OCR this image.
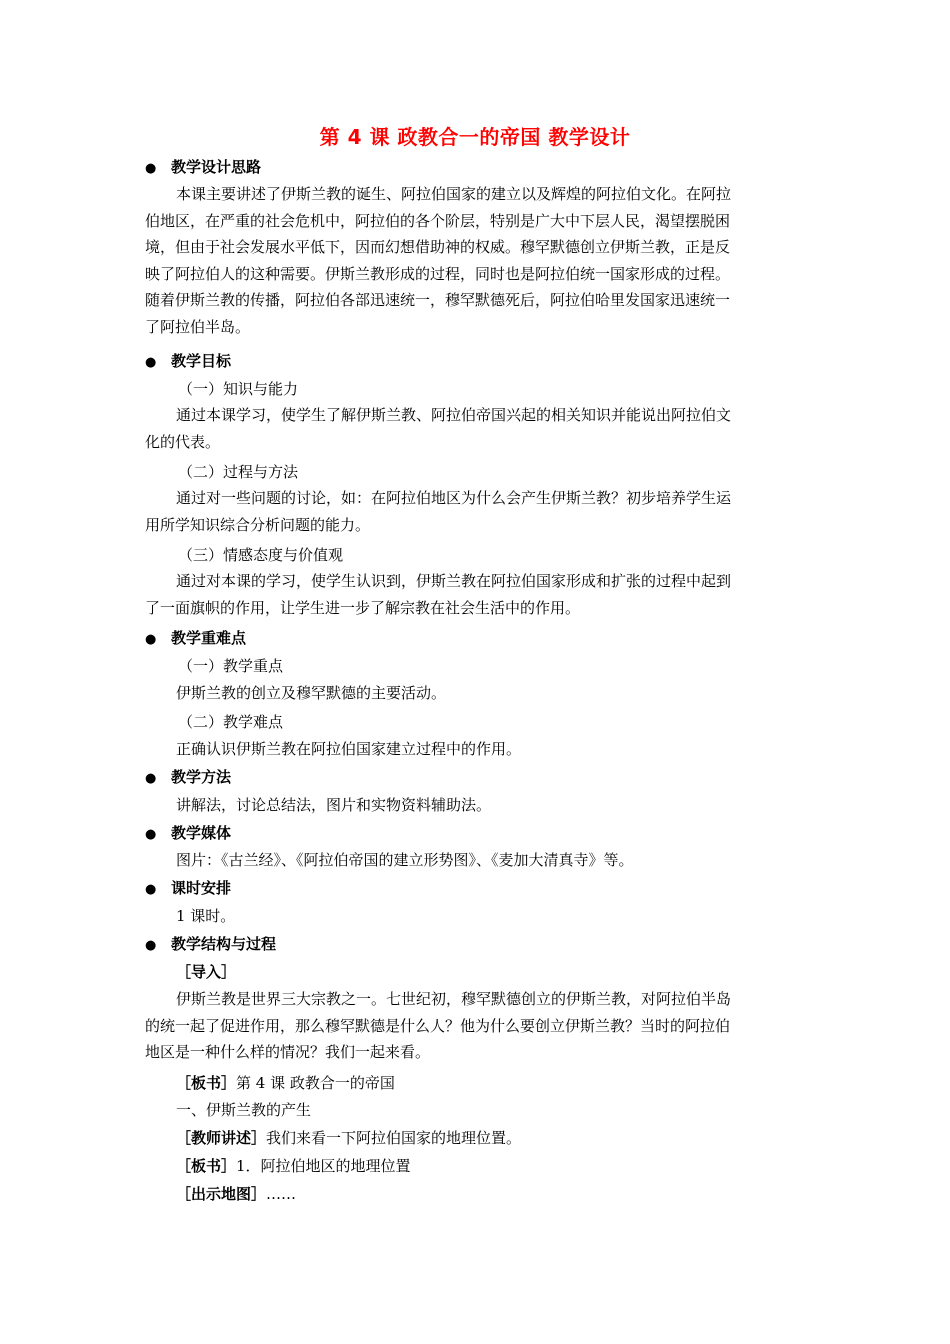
第 4 课 政教合一的帝国 教学设计
● 教学设计思路
本课主要讲述了伊斯兰教的诞生、阿拉伯国家的建立以及辉煌的阿拉伯文化。在阿拉
伯地区，在严重的社会危机中，阿拉伯的各个阶层，特别是广大中下层人民，渴望摆脱困
境，但由于社会发展水平低下，因而幻想借助神的权威。穆罕默德创立伊斯兰教，正是反
映了阿拉伯人的这种需要。伊斯兰教形成的过程，同时也是阿拉伯统一国家形成的过程。
随着伊斯兰教的传播，阿拉伯各部迅速统一，穆罕默德死后，阿拉伯哈里发国家迅速统一
了阿拉伯半岛。
● 教学目标
（一）知识与能力
通过本课学习，使学生了解伊斯兰教、阿拉伯帝国兴起的相关知识并能说出阿拉伯文
化的代表。
（二）过程与方法
通过对一些问题的讨论，如：在阿拉伯地区为什么会产生伊斯兰教？初步培养学生运
用所学知识综合分析问题的能力。
（三）情感态度与价值观
通过对本课的学习，使学生认识到，伊斯兰教在阿拉伯国家形成和扩张的过程中起到
了一面旗帜的作用，让学生进一步了解宗教在社会生活中的作用。
● 教学重难点
（一）教学重点
伊斯兰教的创立及穆罕默德的主要活动。
（二）教学难点
正确认识伊斯兰教在阿拉伯国家建立过程中的作用。
● 教学方法
讲解法，讨论总结法，图片和实物资料辅助法。
● 教学媒体
图片：《古兰经》、《阿拉伯帝国的建立形势图》、《麦加大清真寺》等。
● 课时安排
1 课时。
● 教学结构与过程
［导入］
伊斯兰教是世界三大宗教之一。七世纪初，穆罕默德创立的伊斯兰教，对阿拉伯半岛
的统一起了促进作用，那么穆罕默德是什么人？他为什么要创立伊斯兰教？当时的阿拉伯
地区是一种什么样的情况？我们一起来看。
［板书］第 4 课 政教合一的帝国
一、伊斯兰教的产生
［教师讲述］我们来看一下阿拉伯国家的地理位置。
［板书］1．阿拉伯地区的地理位置
［出示地图］……
